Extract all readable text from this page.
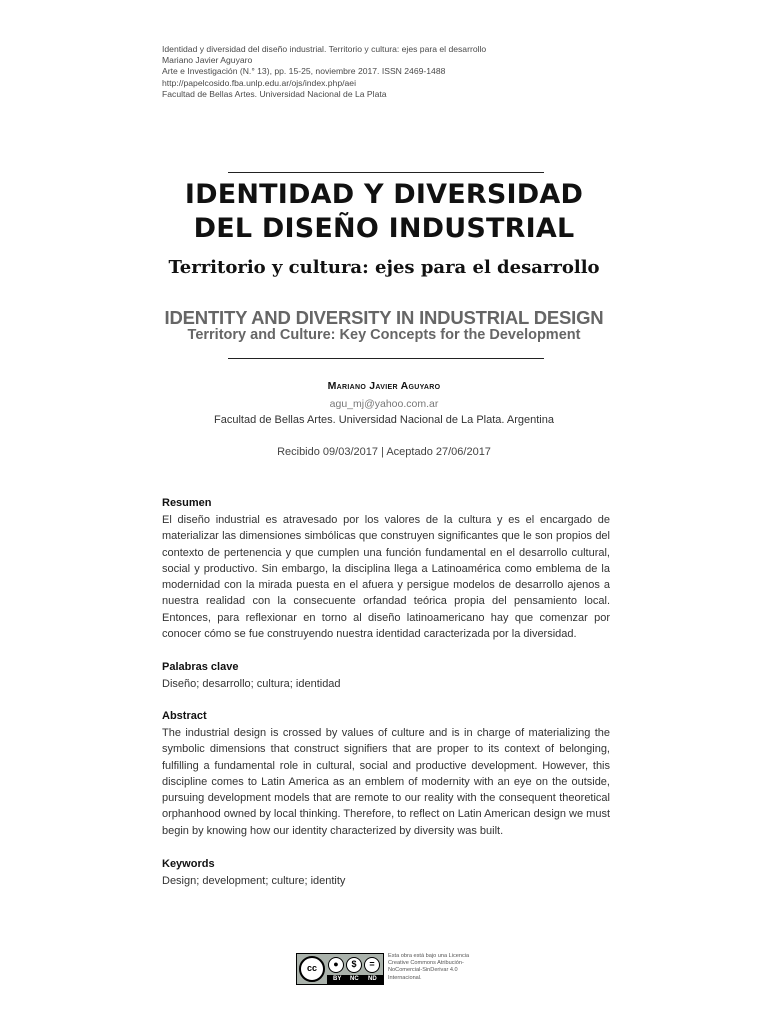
Identidad y diversidad del diseño industrial. Territorio y cultura: ejes para el desarrollo
Mariano Javier Aguyaro
Arte e Investigación (N.° 13), pp. 15-25, noviembre 2017. ISSN 2469-1488
http://papelcosido.fba.unlp.edu.ar/ojs/index.php/aei
Facultad de Bellas Artes. Universidad Nacional de La Plata
IDENTIDAD Y DIVERSIDAD
DEL DISEÑO INDUSTRIAL
Territorio y cultura: ejes para el desarrollo
IDENTITY AND DIVERSITY IN INDUSTRIAL DESIGN
Territory and Culture: Key Concepts for the Development
Mariano Javier Aguyaro
agu_mj@yahoo.com.ar
Facultad de Bellas Artes. Universidad Nacional de La Plata. Argentina
Recibido 09/03/2017 | Aceptado 27/06/2017
Resumen

El diseño industrial es atravesado por los valores de la cultura y es el encargado de materializar las dimensiones simbólicas que construyen significantes que le son propios del contexto de pertenencia y que cumplen una función fundamental en el desarrollo cultural, social y productivo. Sin embargo, la disciplina llega a Latinoamérica como emblema de la modernidad con la mirada puesta en el afuera y persigue modelos de desarrollo ajenos a nuestra realidad con la consecuente orfandad teórica propia del pensamiento local. Entonces, para reflexionar en torno al diseño latinoamericano hay que comenzar por conocer cómo se fue construyendo nuestra identidad caracterizada por la diversidad.

Palabras clave

Diseño; desarrollo; cultura; identidad

Abstract

The industrial design is crossed by values of culture and is in charge of materializing the symbolic dimensions that construct signifiers that are proper to its context of belonging, fulfilling a fundamental role in cultural, social and productive development. However, this discipline comes to Latin America as an emblem of modernity with an eye on the outside, pursuing development models that are remote to our reality with the consequent theoretical orphanhood owned by local thinking. Therefore, to reflect on Latin American design we must begin by knowing how our identity characterized by diversity was built.

Keywords

Design; development; culture; identity

cc	●	$	=
BY NC ND
Esta obra está bajo una Licencia Creative Commons Atribución-NoComercial-SinDerivar 4.0 Internacional.
